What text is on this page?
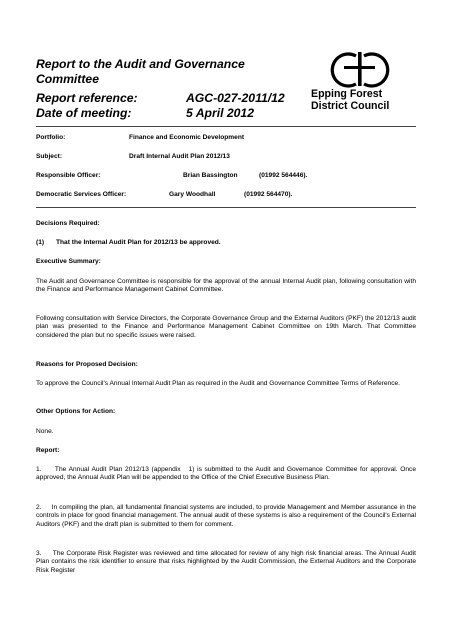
Report to the Audit and Governance
Committee
Report reference:	AGC-027-2011/12
Date of meeting:	5 April 2012
Epping Forest
District Council
Portfolio:	Finance and Economic Development
Subject:	Draft Internal Audit Plan 2012/13
Responsible Officer:	Brian Bassington	(01992 564446).
Democratic Services Officer:	Gary Woodhall	(01992 564470).
Decisions Required:
(1) That the Internal Audit Plan for 2012/13 be approved.
Executive Summary:
The Audit and Governance Committee is responsible for the approval of the annual Internal Audit plan, following consultation with the Finance and Performance Management Cabinet Committee.
Following consultation with Service Directors, the Corporate Governance Group and the External Auditors (PKF) the 2012/13 audit plan was presented to the Finance and Performance Management Cabinet Committee on 19th March. That Committee considered the plan but no specific issues were raised.
Reasons for Proposed Decision:
To approve the Council's Annual Internal Audit Plan as required in the Audit and Governance Committee Terms of Reference.
Other Options for Action:
None.
Report:
1.     The Annual Audit Plan 2012/13 (appendix   1) is submitted to the Audit and Governance Committee for approval. Once approved, the Annual Audit Plan will be appended to the Office of the Chief Executive Business Plan.
2.     In compiling the plan, all fundamental financial systems are included, to provide Management and Member assurance in the controls in place for good financial management. The annual audit of these systems is also a requirement of the Council's External Auditors (PKF) and the draft plan is submitted to them for comment.
3.     The Corporate Risk Register was reviewed and time allocated for review of any high risk financial areas. The Annual Audit Plan contains the risk identifier to ensure that risks highlighted by the Audit Commission, the External Auditors and the Corporate Risk Register
